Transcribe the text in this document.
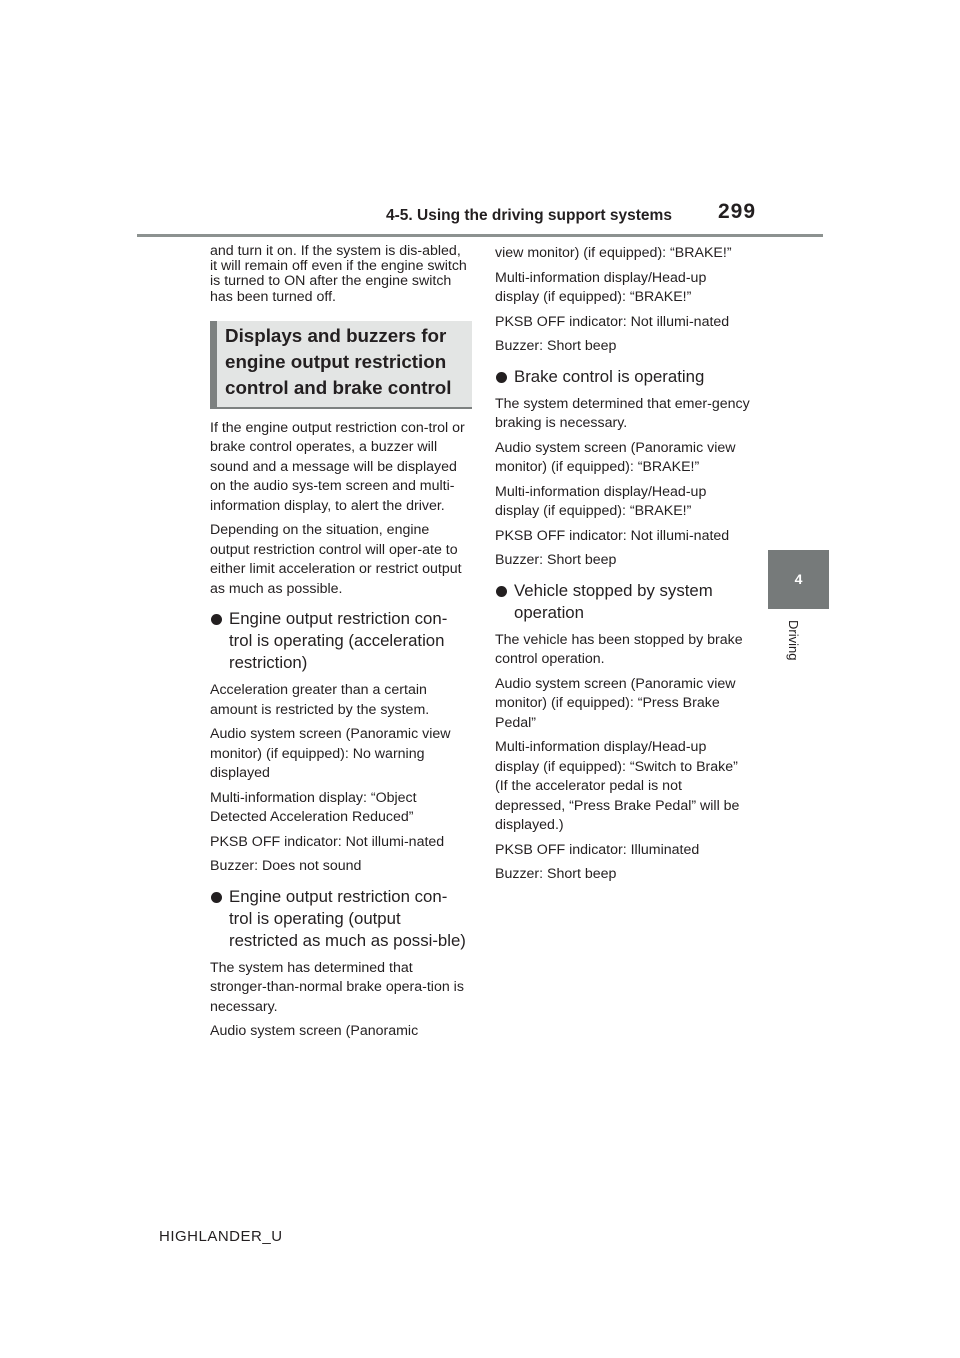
4-5. Using the driving support systems 299
4
Driving

and turn it on. If the system is dis-abled, it will remain off even if the engine switch is turned to ON after the engine switch has been turned off.

Displays and buzzers for engine output restriction control and brake control

If the engine output restriction con-trol or brake control operates, a buzzer will sound and a message will be displayed on the audio sys-tem screen and multi-information display, to alert the driver.

Depending on the situation, engine output restriction control will oper-ate to either limit acceleration or restrict output as much as possible.

Engine output restriction con-trol is operating (acceleration restriction)

Acceleration greater than a certain amount is restricted by the system.

Audio system screen (Panoramic view monitor) (if equipped): No warning displayed

Multi-information display: “Object Detected Acceleration Reduced”

PKSB OFF indicator: Not illumi-nated

Buzzer: Does not sound

Engine output restriction con-trol is operating (output restricted as much as possi-ble)

The system has determined that stronger-than-normal brake opera-tion is necessary.

Audio system screen (Panoramic

view monitor) (if equipped): “BRAKE!”

Multi-information display/Head-up display (if equipped): “BRAKE!”

PKSB OFF indicator: Not illumi-nated

Buzzer: Short beep

Brake control is operating

The system determined that emer-gency braking is necessary.

Audio system screen (Panoramic view monitor) (if equipped): “BRAKE!”

Multi-information display/Head-up display (if equipped): “BRAKE!”

PKSB OFF indicator: Not illumi-nated

Buzzer: Short beep

Vehicle stopped by system operation

The vehicle has been stopped by brake control operation.

Audio system screen (Panoramic view monitor) (if equipped): “Press Brake Pedal”

Multi-information display/Head-up display (if equipped): “Switch to Brake” (If the accelerator pedal is not depressed, “Press Brake Pedal” will be displayed.)

PKSB OFF indicator: Illuminated

Buzzer: Short beep

HIGHLANDER_U
